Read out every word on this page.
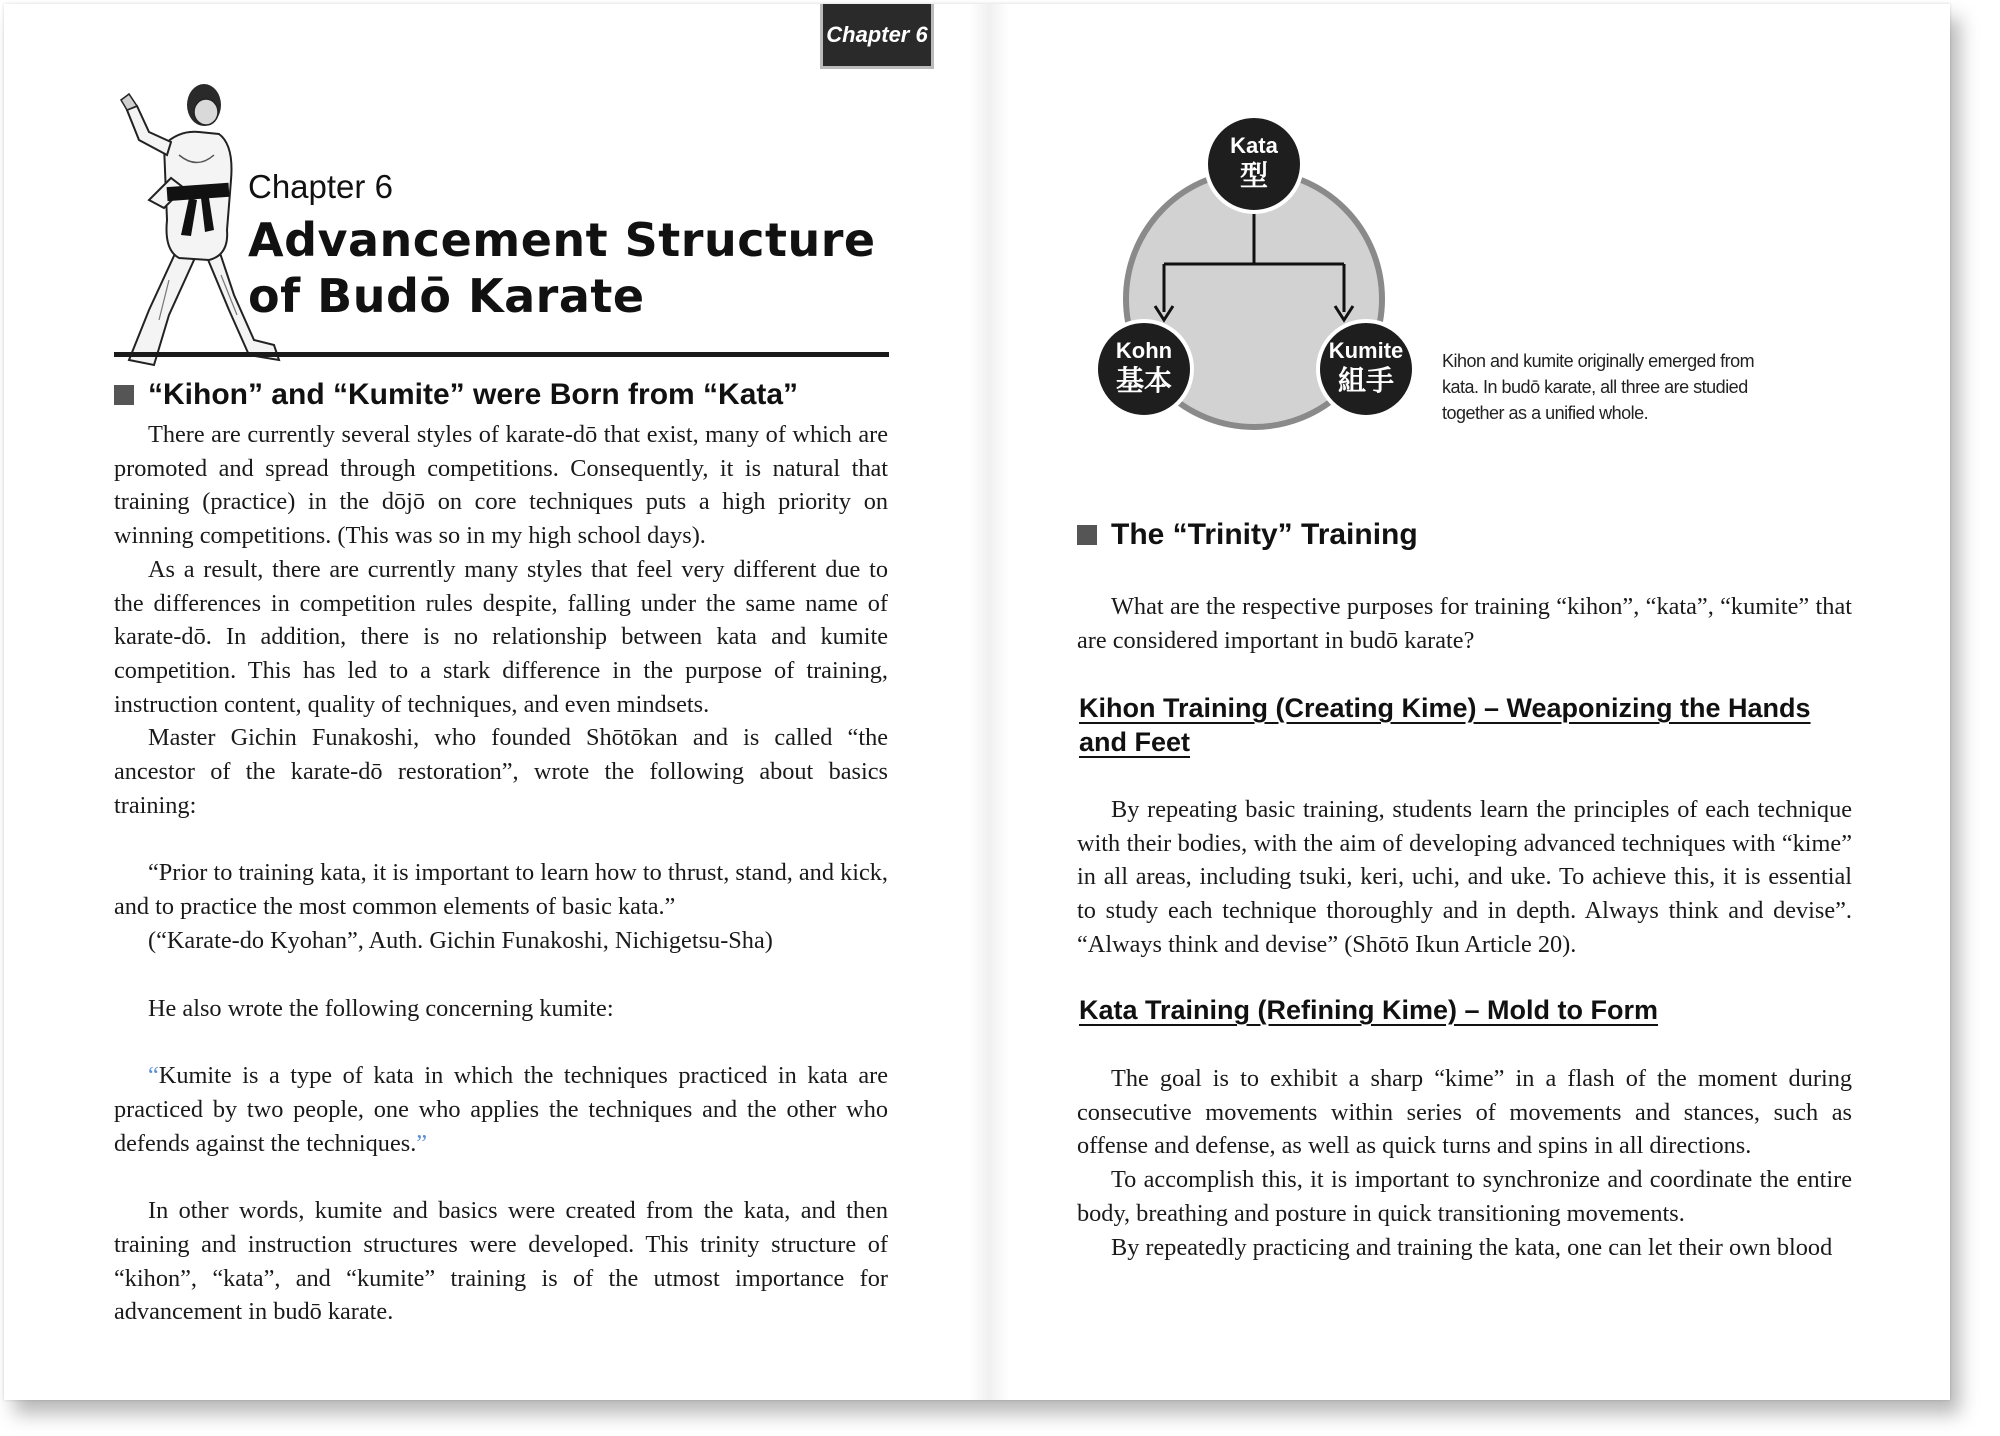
Chapter 6
Chapter 6
Advancement Structure
of Budō Karate
“Kihon” and “Kumite” were Born from “Kata”

There are currently several styles of karate-dō that exist, many of which are promoted and spread through competitions. Consequently, it is natural that training (practice) in the dōjō on core techniques puts a high priority on winning competitions. (This was so in my high school days).

As a result, there are currently many styles that feel very different due to the differences in competition rules despite, falling under the same name of karate-dō. In addition, there is no relationship between kata and kumite competition. This has led to a stark difference in the purpose of training, instruction content, quality of techniques, and even mindsets.

Master Gichin Funakoshi, who founded Shōtōkan and is called “the ancestor of the karate-dō restoration”, wrote the following about basics training:

“Prior to training kata, it is important to learn how to thrust, stand, and kick, and to practice the most common elements of basic kata.”

(“Karate-do Kyohan”, Auth. Gichin Funakoshi, Nichigetsu-Sha)

He also wrote the following concerning kumite:

“Kumite is a type of kata in which the techniques practiced in kata are practiced by two people, one who applies the techniques and the other who defends against the techniques.”

In other words, kumite and basics were created from the kata, and then training and instruction structures were developed. This trinity structure of “kihon”, “kata”, and “kumite” training is of the utmost importance for advancement in budō karate.

Kata
型
Kohn
基本
Kumite
組手
Kihon and kumite originally emerged from kata. In budō karate, all three are studied together as a unified whole.
The “Trinity” Training

What are the respective purposes for training “kihon”, “kata”, “kumite” that are considered important in budō karate?

Kihon Training (Creating Kime) – Weaponizing the Hands and Feet

By repeating basic training, students learn the principles of each technique with their bodies, with the aim of developing advanced techniques with “kime” in all areas, including tsuki, keri, uchi, and uke. To achieve this, it is essential to study each technique thoroughly and in depth. Always think and devise”. “Always think and devise” (Shōtō Ikun Article 20).

Kata Training (Refining Kime) – Mold to Form

The goal is to exhibit a sharp “kime” in a flash of the moment during consecutive movements within series of movements and stances, such as offense and defense, as well as quick turns and spins in all directions.

To accomplish this, it is important to synchronize and coordinate the entire body, breathing and posture in quick transitioning movements.

By repeatedly practicing and training the kata, one can let their own blood
